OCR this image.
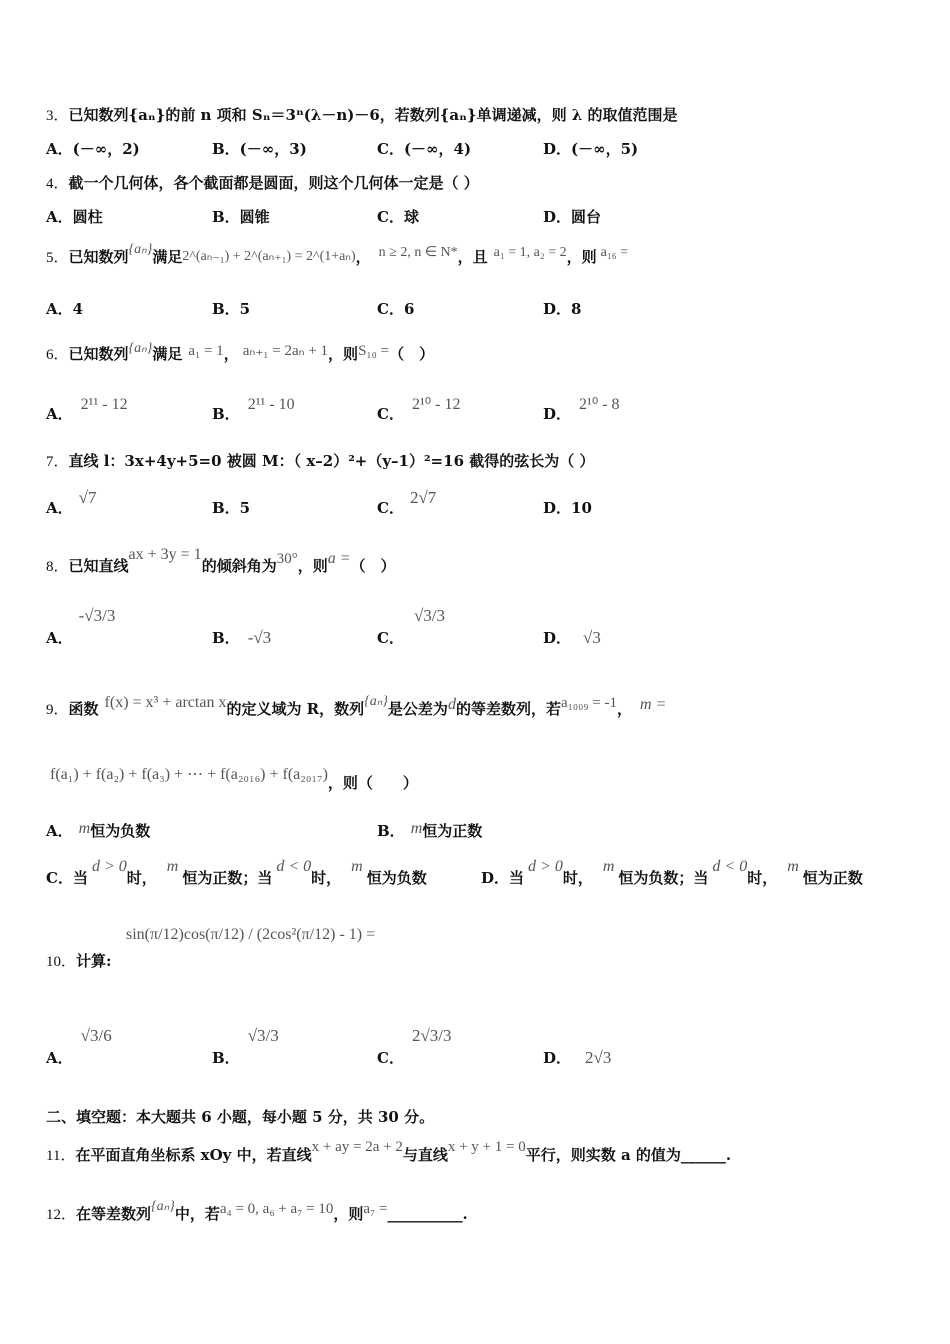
3．已知数列{aₙ}的前 n 项和 Sₙ＝3ⁿ(λ－n)－6，若数列{aₙ}单调递减，则 λ 的取值范围是
A．(－∞，2)	B．(－∞，3)	C．(－∞，4)	D．(－∞，5)
4．截一个几何体，各个截面都是圆面，则这个几何体一定是（ ）
A．圆柱	B．圆锥	C．球	D．圆台
5．已知数列{aₙ}满足2^(aₙ₋₁) + 2^(aₙ₊₁) = 2^(1+aₙ)， n ≥ 2, n ∈ N*，且 a₁ = 1, a₂ = 2，则 a₁₆ =
A．4	B．5	C．6	D．8
6．已知数列{aₙ}满足 a₁ = 1， aₙ₊₁ = 2aₙ + 1，则S₁₀ =（　）
A．2¹¹ - 12
B．2¹¹ - 10
C．2¹⁰ - 12
D．2¹⁰ - 8
7．直线 l：3x+4y+5=0 被圆 M：（ x–2）²+（y–1）²=16 截得的弦长为（ ）
A．√7
B．5	C．2√7
D．10
8．已知直线ax + 3y = 1的倾斜角为30°，则a =（　）
A．-√3/3
B． -√3	C．√3/3
D． √3
9．函数 f(x) = x³ + arctan x的定义域为 R，数列{aₙ}是公差为d的等差数列，若a₁₀₀₉ = -1， m =
f(a₁) + f(a₂) + f(a₃) + ⋯ + f(a₂₀₁₆) + f(a₂₀₁₇)，则（　　）
A． m恒为负数	B． m恒为正数
C．当d > 0时，m恒为正数；当d < 0时，m恒为负数	D．当d > 0时，m恒为负数；当d < 0时，m恒为正数
10．计算:
sin(π/12)cos(π/12) / (2cos²(π/12) - 1) =
A．√3/6
B．√3/3
C．2√3/3
D． 2√3
二、填空题：本大题共 6 小题，每小题 5 分，共 30 分。
11．在平面直角坐标系 xOy 中，若直线x + ay = 2a + 2与直线x + y + 1 = 0平行，则实数 a 的值为______.
12．在等差数列{aₙ}中，若a₄ = 0, a₆ + a₇ = 10，则a₇ =__________.
